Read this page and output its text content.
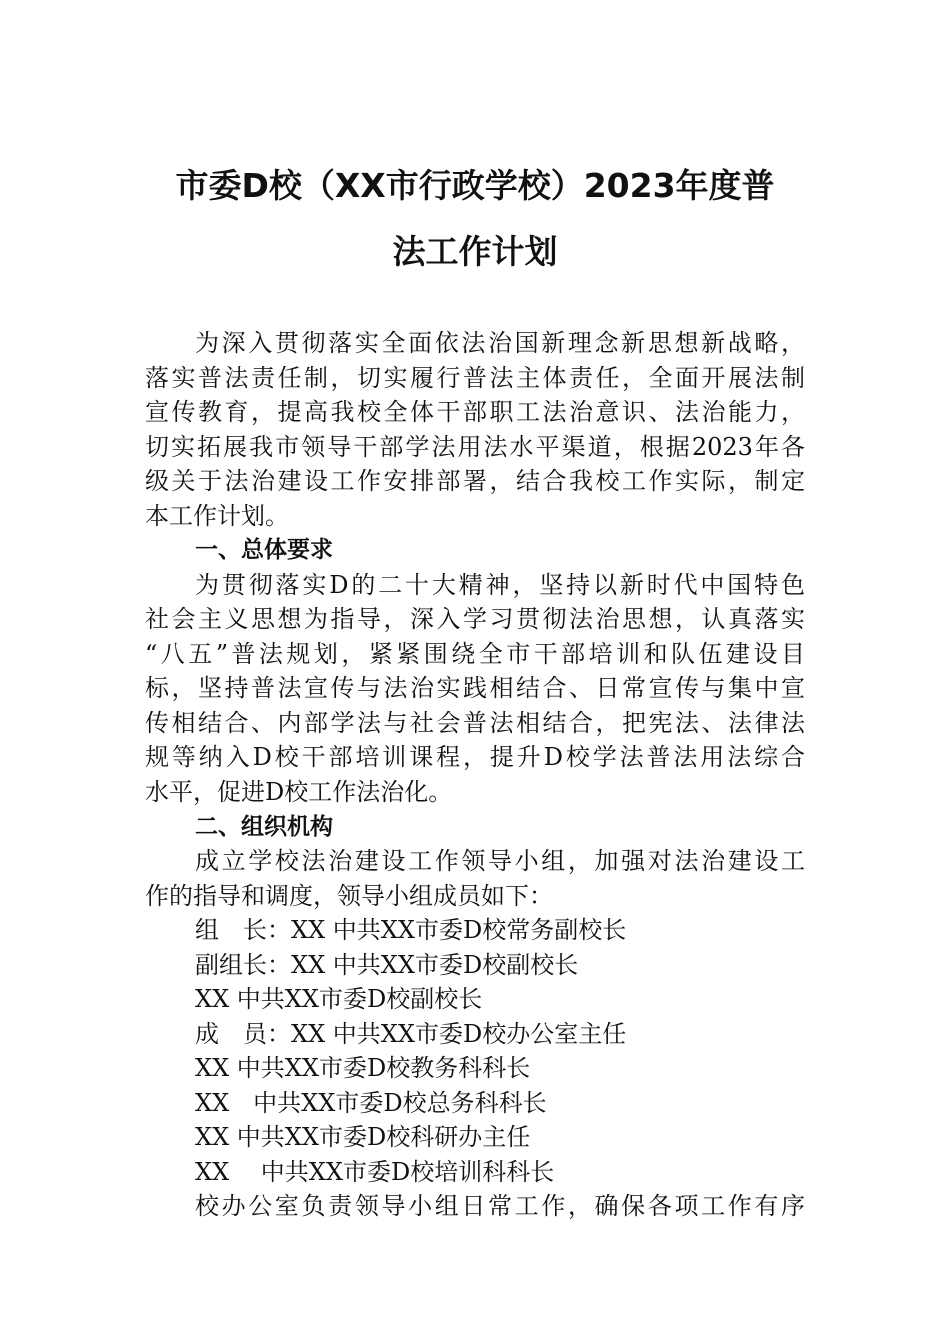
市委D校（XX市行政学校）2023年度普
法工作计划
为深入贯彻落实全面依法治国新理念新思想新战略，
落实普法责任制，切实履行普法主体责任，全面开展法制
宣传教育，提高我校全体干部职工法治意识、法治能力，
切实拓展我市领导干部学法用法水平渠道，根据2023年各
级关于法治建设工作安排部署，结合我校工作实际，制定
本工作计划。
一、总体要求
为贯彻落实D的二十大精神，坚持以新时代中国特色
社会主义思想为指导，深入学习贯彻法治思想，认真落实
“八五”普法规划，紧紧围绕全市干部培训和队伍建设目
标，坚持普法宣传与法治实践相结合、日常宣传与集中宣
传相结合、内部学法与社会普法相结合，把宪法、法律法
规等纳入D校干部培训课程，提升D校学法普法用法综合
水平，促进D校工作法治化。
二、组织机构
成立学校法治建设工作领导小组，加强对法治建设工
作的指导和调度，领导小组成员如下：
组　长：XX 中共XX市委D校常务副校长
副组长：XX 中共XX市委D校副校长
XX 中共XX市委D校副校长
成　员：XX 中共XX市委D校办公室主任
XX 中共XX市委D校教务科科长
XX　中共XX市委D校总务科科长
XX 中共XX市委D校科研办主任
XX　 中共XX市委D校培训科科长
校办公室负责领导小组日常工作，确保各项工作有序
